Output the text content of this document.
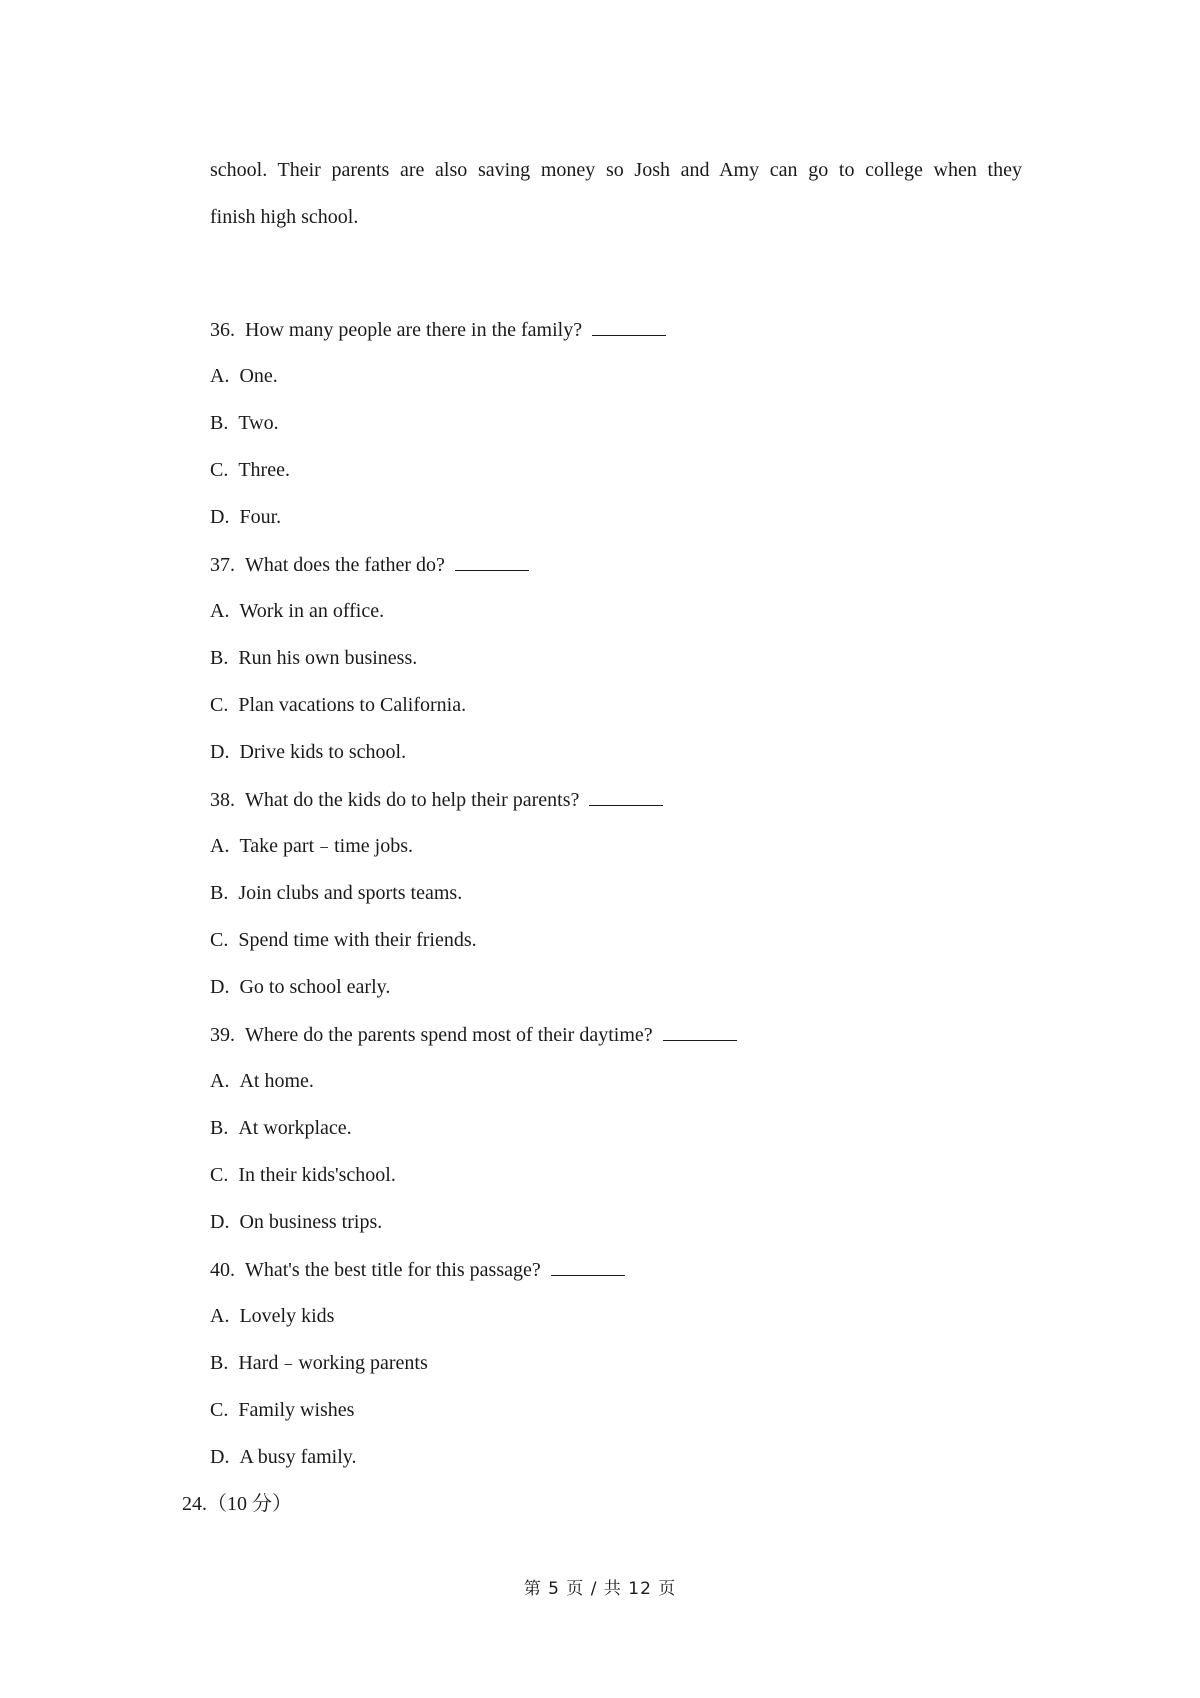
school. Their parents are also saving money so Josh and Amy can go to college when they
finish high school.
36. How many people are there in the family?
A. One.
B. Two.
C. Three.
D. Four.
37. What does the father do?
A. Work in an office.
B. Run his own business.
C. Plan vacations to California.
D. Drive kids to school.
38. What do the kids do to help their parents?
A. Take part﹣time jobs.
B. Join clubs and sports teams.
C. Spend time with their friends.
D. Go to school early.
39. Where do the parents spend most of their daytime?
A. At home.
B. At workplace.
C. In their kids'school.
D. On business trips.
40. What's the best title for this passage?
A. Lovely kids
B. Hard﹣working parents
C. Family wishes
D. A busy family.
24.（10 分）
第 5 页 / 共 12 页
